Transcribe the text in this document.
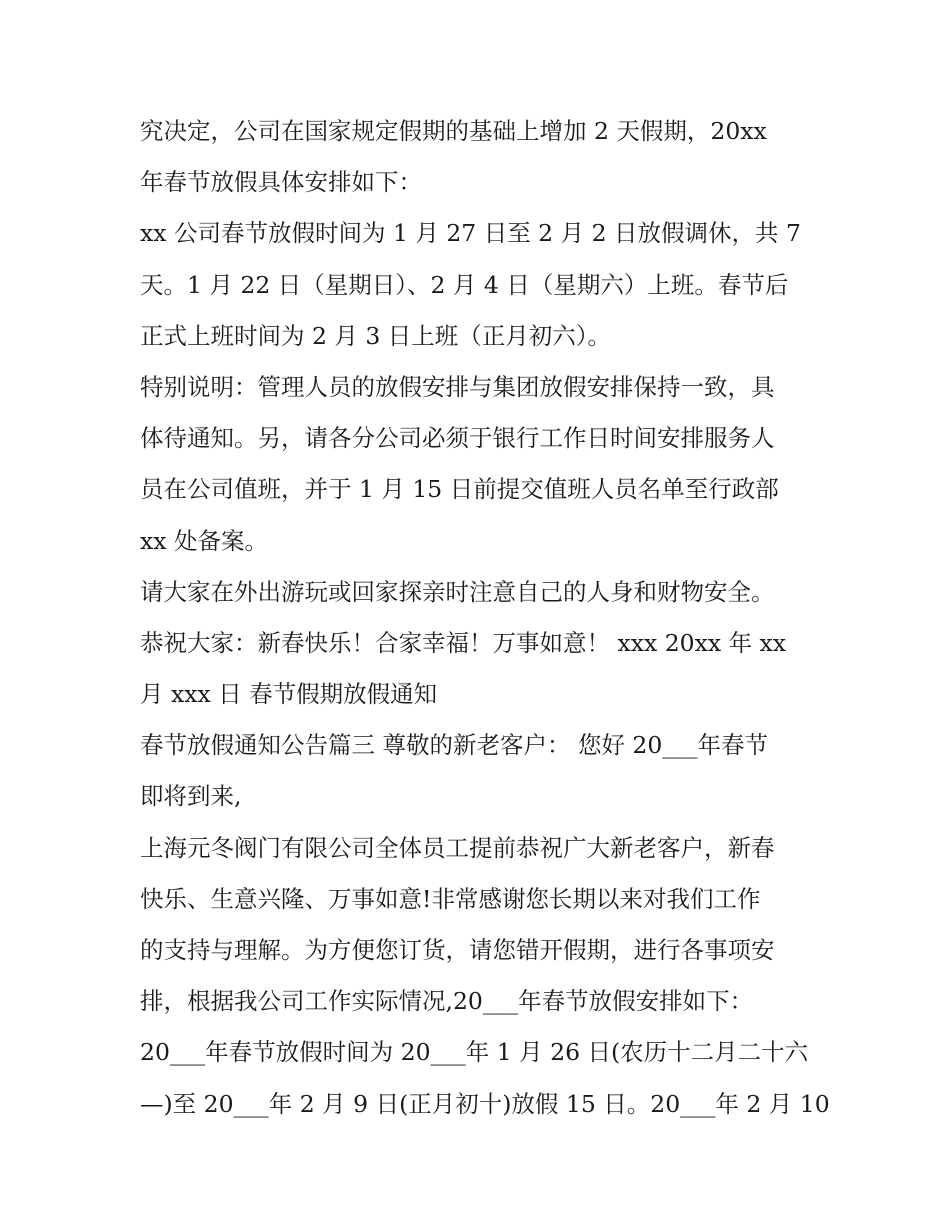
究决定，公司在国家规定假期的基础上增加 2 天假期，20xx
年春节放假具体安排如下：
xx 公司春节放假时间为 1 月 27 日至 2 月 2 日放假调休，共 7
天。1 月 22 日（星期日）、2 月 4 日（星期六）上班。春节后
正式上班时间为 2 月 3 日上班（正月初六）。
特别说明：管理人员的放假安排与集团放假安排保持一致，具
体待通知。另，请各分公司必须于银行工作日时间安排服务人
员在公司值班，并于 1 月 15 日前提交值班人员名单至行政部
xx 处备案。
请大家在外出游玩或回家探亲时注意自己的人身和财物安全。
恭祝大家：新春快乐！合家幸福！万事如意！ xxx 20xx 年 xx
月 xxx 日 春节假期放假通知
春节放假通知公告篇三 尊敬的新老客户： 您好 20___年春节
即将到来,
上海元冬阀门有限公司全体员工提前恭祝广大新老客户，新春
快乐、生意兴隆、万事如意!非常感谢您长期以来对我们工作
的支持与理解。为方便您订货，请您错开假期，进行各事项安
排，根据我公司工作实际情况,20___年春节放假安排如下：
20___年春节放假时间为 20___年 1 月 26 日(农历十二月二十六
—)至 20___年 2 月 9 日(正月初十)放假 15 日。20___年 2 月 10
